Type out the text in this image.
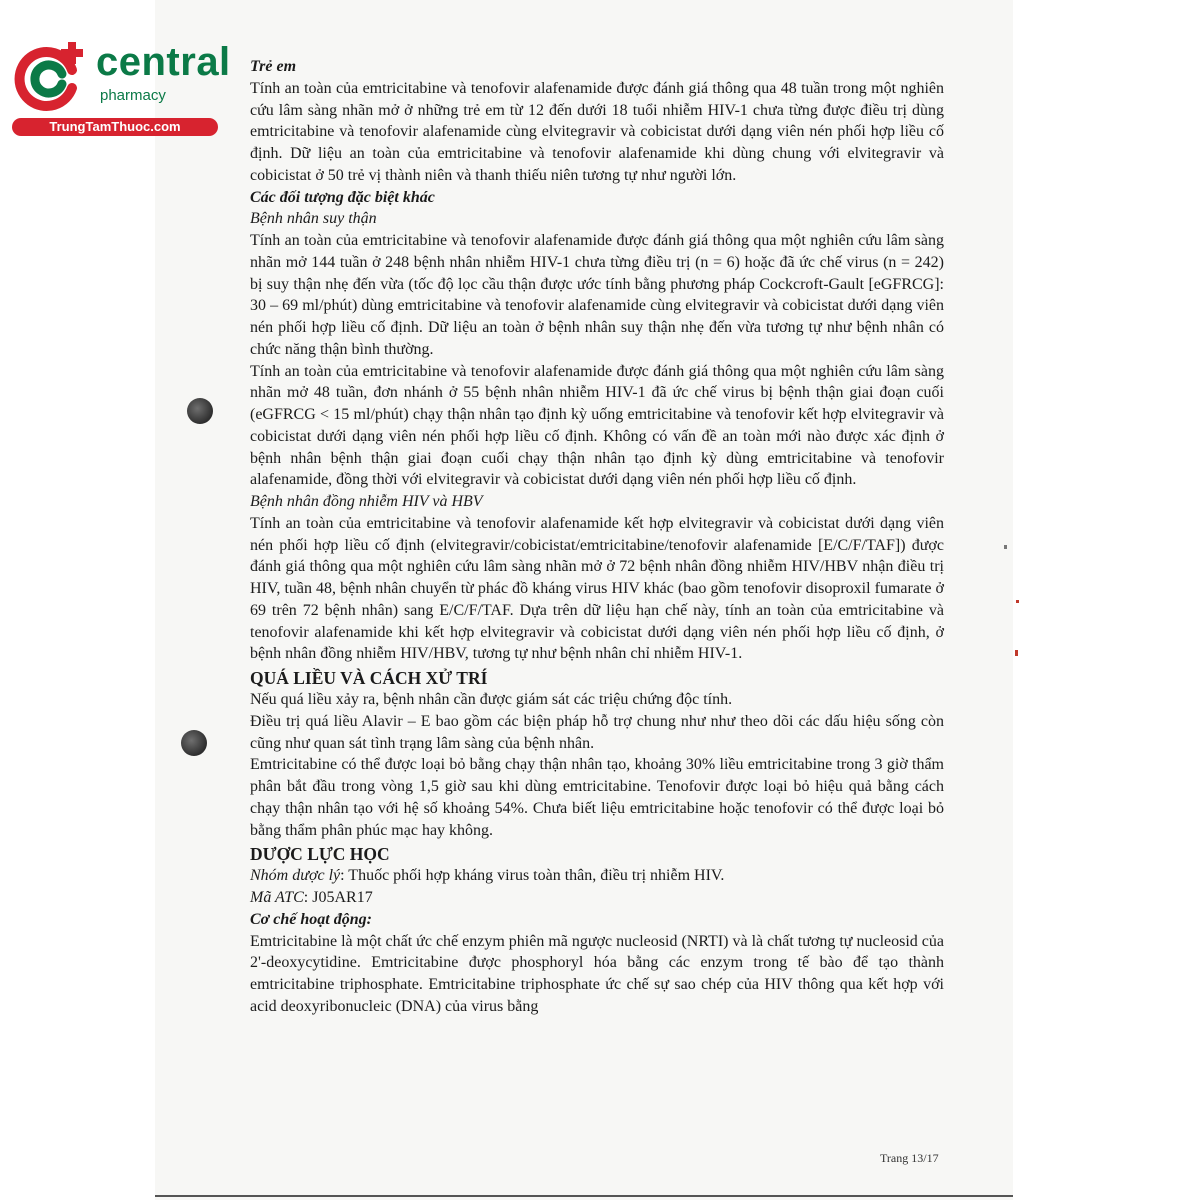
central
pharmacy
TrungTamThuoc.com

Trẻ em

Tính an toàn của emtricitabine và tenofovir alafenamide được đánh giá thông qua 48 tuần trong một nghiên cứu lâm sàng nhãn mở ở những trẻ em từ 12 đến dưới 18 tuổi nhiễm HIV-1 chưa từng được điều trị dùng emtricitabine và tenofovir alafenamide cùng elvitegravir và cobicistat dưới dạng viên nén phối hợp liều cố định. Dữ liệu an toàn của emtricitabine và tenofovir alafenamide khi dùng chung với elvitegravir và cobicistat ở 50 trẻ vị thành niên và thanh thiếu niên tương tự như người lớn.

Các đối tượng đặc biệt khác

Bệnh nhân suy thận

Tính an toàn của emtricitabine và tenofovir alafenamide được đánh giá thông qua một nghiên cứu lâm sàng nhãn mở 144 tuần ở 248 bệnh nhân nhiễm HIV-1 chưa từng điều trị (n = 6) hoặc đã ức chế virus (n = 242) bị suy thận nhẹ đến vừa (tốc độ lọc cầu thận được ước tính bằng phương pháp Cockcroft-Gault [eGFRCG]: 30 – 69 ml/phút) dùng emtricitabine và tenofovir alafenamide cùng elvitegravir và cobicistat dưới dạng viên nén phối hợp liều cố định. Dữ liệu an toàn ở bệnh nhân suy thận nhẹ đến vừa tương tự như bệnh nhân có chức năng thận bình thường.

Tính an toàn của emtricitabine và tenofovir alafenamide được đánh giá thông qua một nghiên cứu lâm sàng nhãn mở 48 tuần, đơn nhánh ở 55 bệnh nhân nhiễm HIV-1 đã ức chế virus bị bệnh thận giai đoạn cuối (eGFRCG < 15 ml/phút) chạy thận nhân tạo định kỳ uống emtricitabine và tenofovir kết hợp elvitegravir và cobicistat dưới dạng viên nén phối hợp liều cố định. Không có vấn đề an toàn mới nào được xác định ở bệnh nhân bệnh thận giai đoạn cuối chạy thận nhân tạo định kỳ dùng emtricitabine và tenofovir alafenamide, đồng thời với elvitegravir và cobicistat dưới dạng viên nén phối hợp liều cố định.

Bệnh nhân đồng nhiễm HIV và HBV

Tính an toàn của emtricitabine và tenofovir alafenamide kết hợp elvitegravir và cobicistat dưới dạng viên nén phối hợp liều cố định (elvitegravir/cobicistat/emtricitabine/tenofovir alafenamide [E/C/F/TAF]) được đánh giá thông qua một nghiên cứu lâm sàng nhãn mở ở 72 bệnh nhân đồng nhiễm HIV/HBV nhận điều trị HIV, tuần 48, bệnh nhân chuyển từ phác đồ kháng virus HIV khác (bao gồm tenofovir disoproxil fumarate ở 69 trên 72 bệnh nhân) sang E/C/F/TAF. Dựa trên dữ liệu hạn chế này, tính an toàn của emtricitabine và tenofovir alafenamide khi kết hợp elvitegravir và cobicistat dưới dạng viên nén phối hợp liều cố định, ở bệnh nhân đồng nhiễm HIV/HBV, tương tự như bệnh nhân chỉ nhiễm HIV-1.

QUÁ LIỀU VÀ CÁCH XỬ TRÍ

Nếu quá liều xảy ra, bệnh nhân cần được giám sát các triệu chứng độc tính.

Điều trị quá liều Alavir – E bao gồm các biện pháp hỗ trợ chung như như theo dõi các dấu hiệu sống còn cũng như quan sát tình trạng lâm sàng của bệnh nhân.

Emtricitabine có thể được loại bỏ bằng chạy thận nhân tạo, khoảng 30% liều emtricitabine trong 3 giờ thẩm phân bắt đầu trong vòng 1,5 giờ sau khi dùng emtricitabine. Tenofovir được loại bỏ hiệu quả bằng cách chạy thận nhân tạo với hệ số khoảng 54%. Chưa biết liệu emtricitabine hoặc tenofovir có thể được loại bỏ bằng thẩm phân phúc mạc hay không.

DƯỢC LỰC HỌC

Nhóm dược lý: Thuốc phối hợp kháng virus toàn thân, điều trị nhiễm HIV.

Mã ATC: J05AR17

Cơ chế hoạt động:

Emtricitabine là một chất ức chế enzym phiên mã ngược nucleosid (NRTI) và là chất tương tự nucleosid của 2'-deoxycytidine. Emtricitabine được phosphoryl hóa bằng các enzym trong tế bào để tạo thành emtricitabine triphosphate. Emtricitabine triphosphate ức chế sự sao chép của HIV thông qua kết hợp với acid deoxyribonucleic (DNA) của virus bằng

Trang 13/17
